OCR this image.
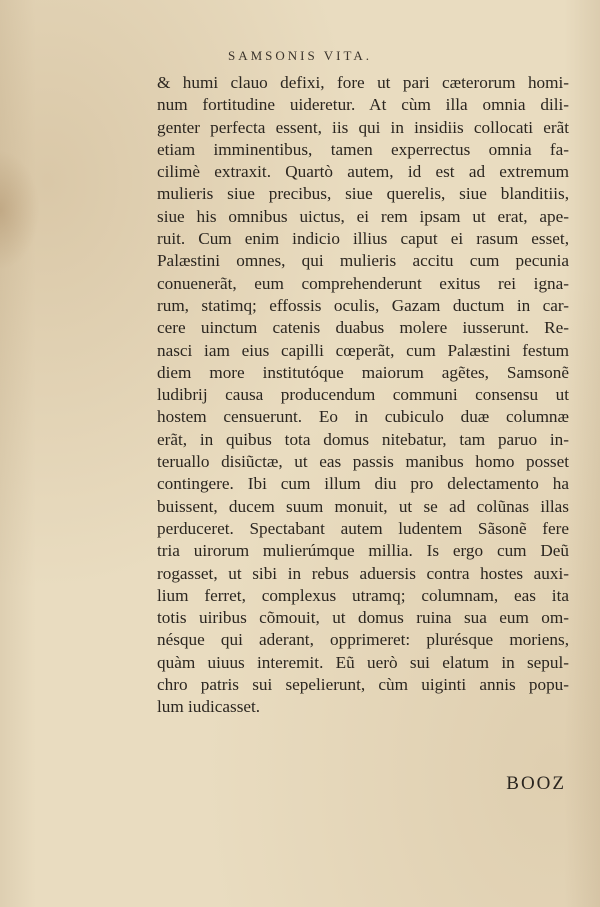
SAMSONIS VITA.
& humi clauo defixi, fore ut pari cæterorum homi-
num fortitudine uideretur. At cùm illa omnia dili-
genter perfecta essent, iis qui in insidiis collocati erãt
etiam imminentibus, tamen experrectus omnia fa-
cilimè extraxit. Quartò autem, id est ad extremum
mulieris siue precibus, siue querelis, siue blanditiis,
siue his omnibus uictus, ei rem ipsam ut erat, ape-
ruit. Cum enim indicio illius caput ei rasum esset,
Palæstini omnes, qui mulieris accitu cum pecunia
conuenerãt, eum comprehenderunt exitus rei igna-
rum, statimq; effossis oculis, Gazam ductum in car-
cere uinctum catenis duabus molere iusserunt. Re-
nasci iam eius capilli cœperãt, cum Palæstini festum
diem more institutóque maiorum agẽtes, Samsonẽ
ludibrij causa producendum communi consensu ut
hostem censuerunt. Eo in cubiculo duæ columnæ
erãt, in quibus tota domus nitebatur, tam paruo in-
teruallo disiũctæ, ut eas passis manibus homo posset
contingere. Ibi cum illum diu pro delectamento ha
buissent, ducem suum monuit, ut se ad colũnas illas
perduceret. Spectabant autem ludentem Sãsonẽ fere
tria uirorum mulierúmque millia. Is ergo cum Deũ
rogasset, ut sibi in rebus aduersis contra hostes auxi-
lium ferret, complexus utramq; columnam, eas ita
totis uiribus cõmouit, ut domus ruina sua eum om-
nésque qui aderant, opprimeret: plurésque moriens,
quàm uiuus interemit. Eũ uerò sui elatum in sepul-
chro patris sui sepelierunt, cùm uiginti annis popu-
lum iudicasset.
BOOZ
